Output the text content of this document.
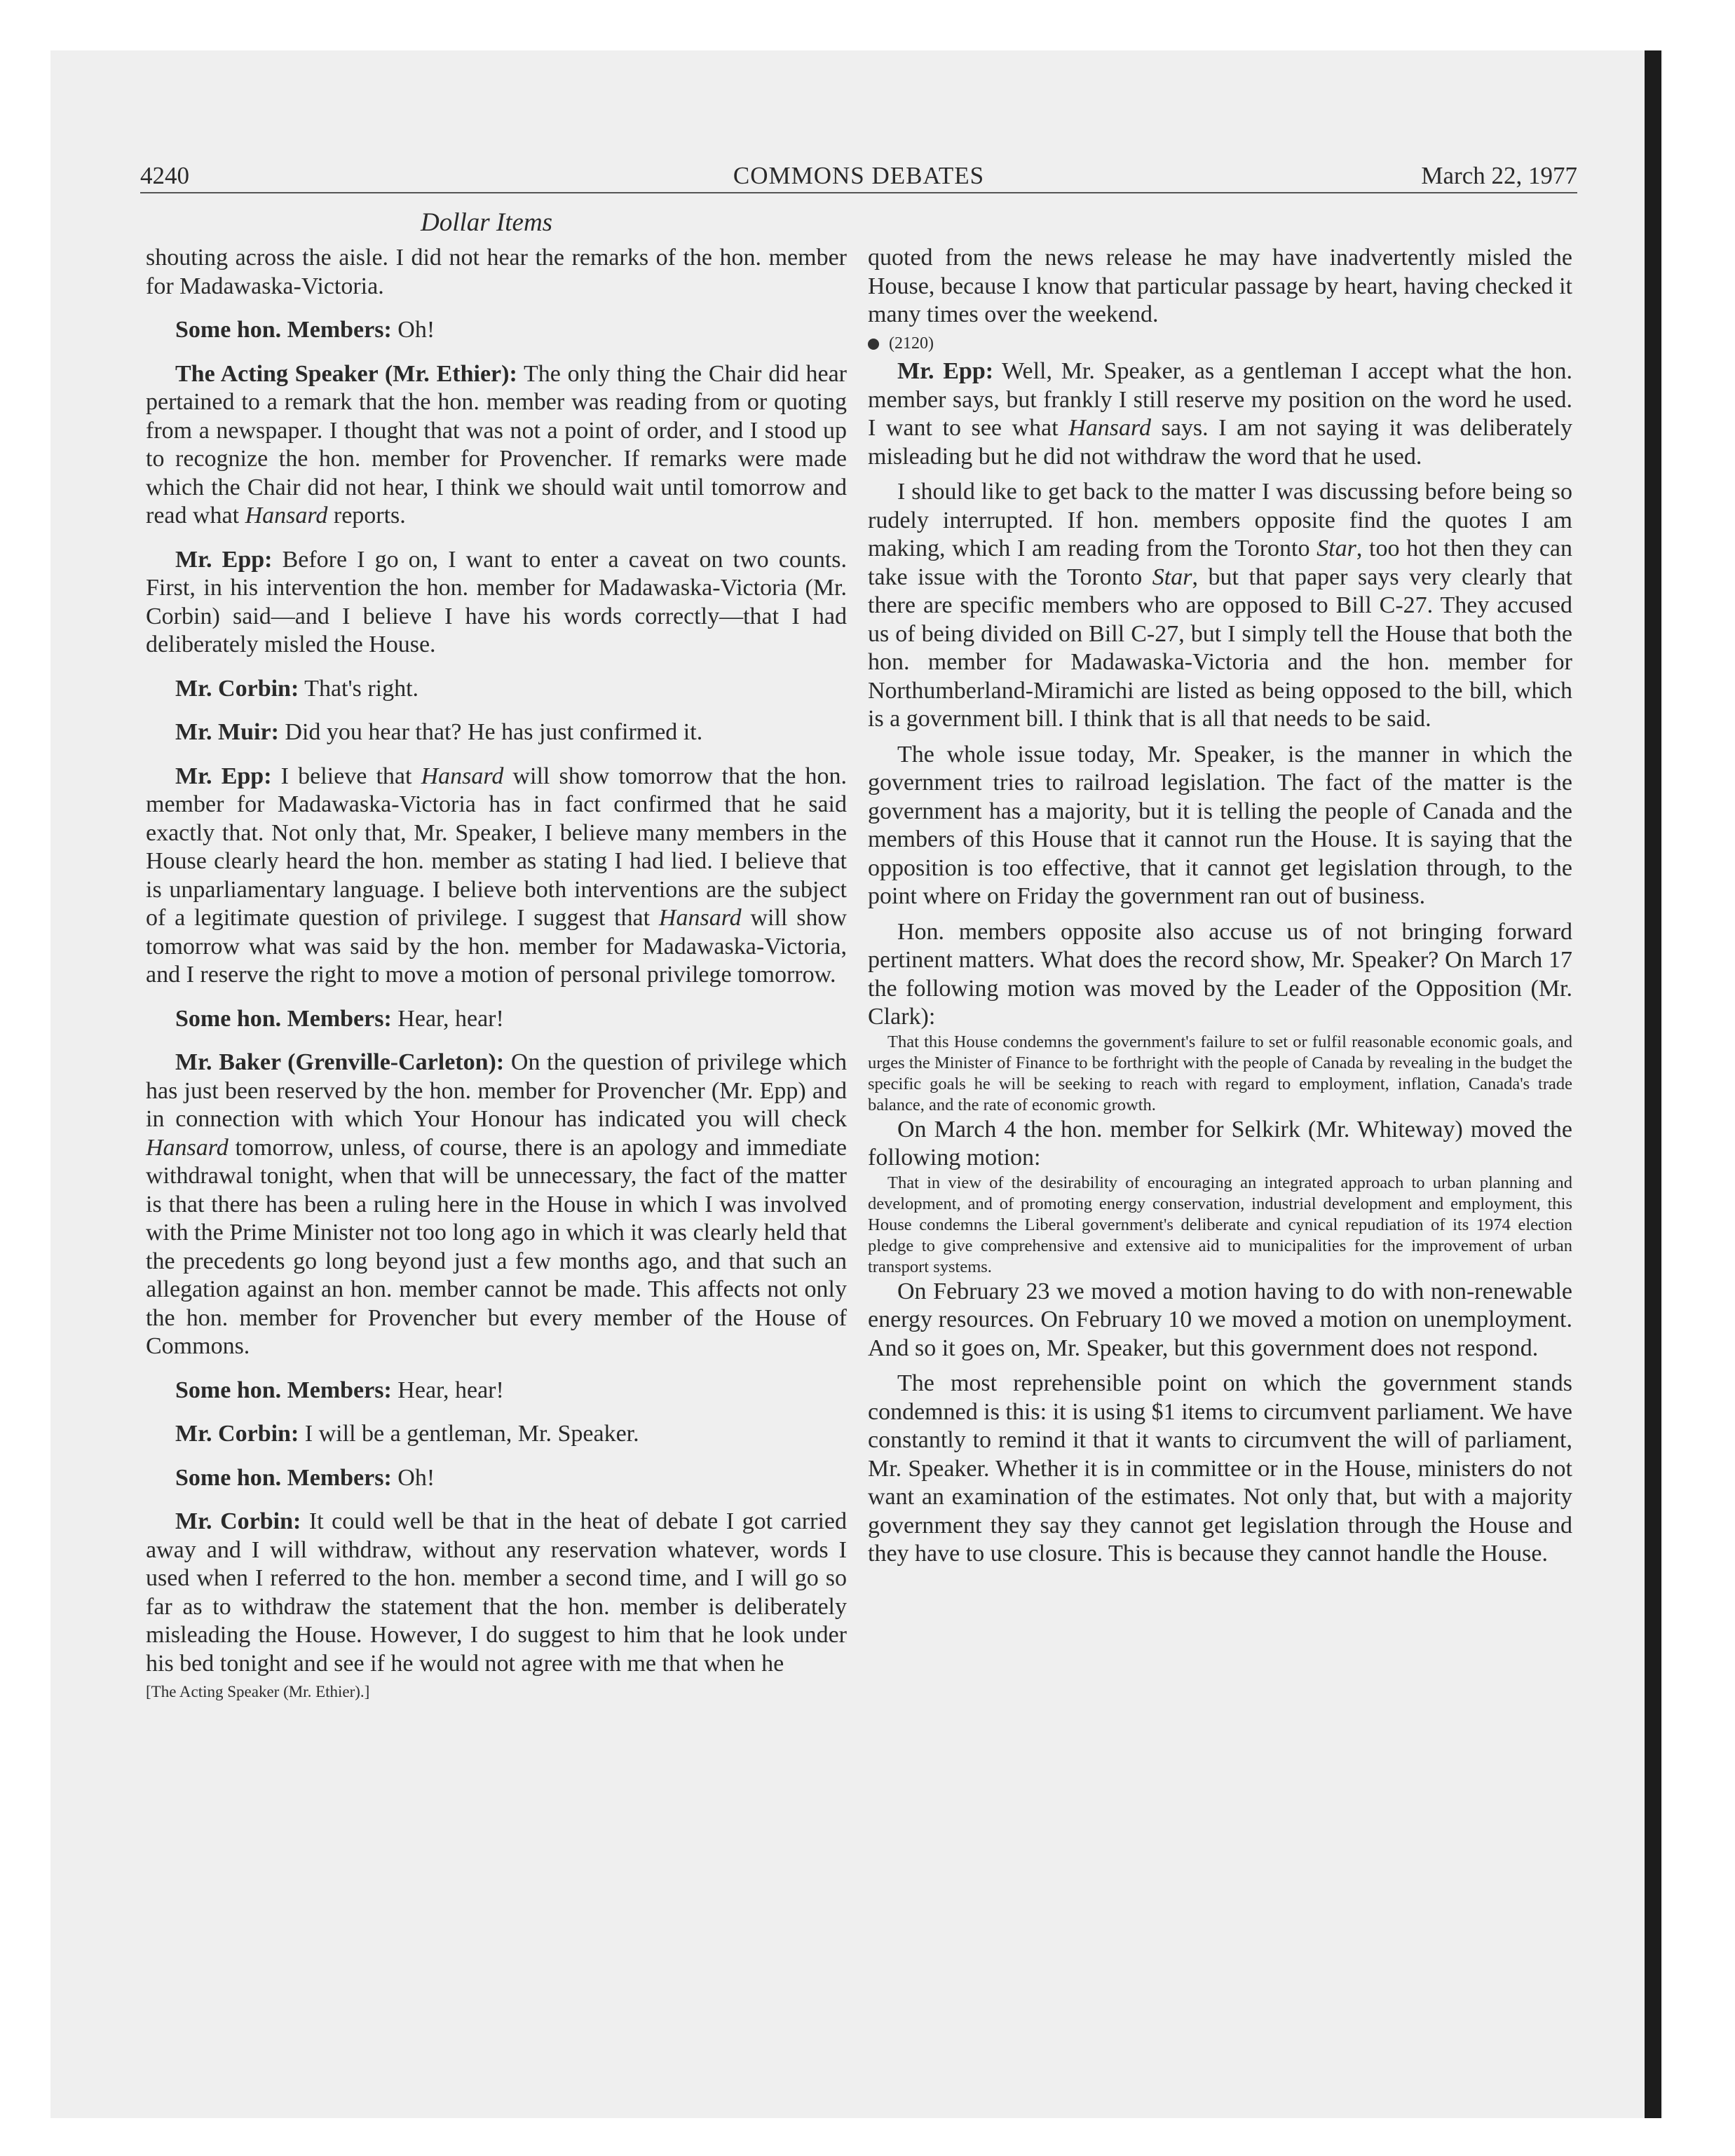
4240	COMMONS DEBATES	March 22, 1977
Dollar Items

shouting across the aisle. I did not hear the remarks of the hon. member for Madawaska-Victoria.

Some hon. Members: Oh!

The Acting Speaker (Mr. Ethier): The only thing the Chair did hear pertained to a remark that the hon. member was reading from or quoting from a newspaper. I thought that was not a point of order, and I stood up to recognize the hon. member for Provencher. If remarks were made which the Chair did not hear, I think we should wait until tomorrow and read what Hansard reports.

Mr. Epp: Before I go on, I want to enter a caveat on two counts. First, in his intervention the hon. member for Madawaska-Victoria (Mr. Corbin) said—and I believe I have his words correctly—that I had deliberately misled the House.

Mr. Corbin: That's right.

Mr. Muir: Did you hear that? He has just confirmed it.

Mr. Epp: I believe that Hansard will show tomorrow that the hon. member for Madawaska-Victoria has in fact confirmed that he said exactly that. Not only that, Mr. Speaker, I believe many members in the House clearly heard the hon. member as stating I had lied. I believe that is unparliamentary language. I believe both interventions are the subject of a legitimate question of privilege. I suggest that Hansard will show tomorrow what was said by the hon. member for Madawaska-Victoria, and I reserve the right to move a motion of personal privilege tomorrow.

Some hon. Members: Hear, hear!

Mr. Baker (Grenville-Carleton): On the question of privilege which has just been reserved by the hon. member for Provencher (Mr. Epp) and in connection with which Your Honour has indicated you will check Hansard tomorrow, unless, of course, there is an apology and immediate withdrawal tonight, when that will be unnecessary, the fact of the matter is that there has been a ruling here in the House in which I was involved with the Prime Minister not too long ago in which it was clearly held that the precedents go long beyond just a few months ago, and that such an allegation against an hon. member cannot be made. This affects not only the hon. member for Provencher but every member of the House of Commons.

Some hon. Members: Hear, hear!

Mr. Corbin: I will be a gentleman, Mr. Speaker.

Some hon. Members: Oh!

Mr. Corbin: It could well be that in the heat of debate I got carried away and I will withdraw, without any reservation whatever, words I used when I referred to the hon. member a second time, and I will go so far as to withdraw the statement that the hon. member is deliberately misleading the House. However, I do suggest to him that he look under his bed tonight and see if he would not agree with me that when he

[The Acting Speaker (Mr. Ethier).]

quoted from the news release he may have inadvertently misled the House, because I know that particular passage by heart, having checked it many times over the weekend.

(2120)

Mr. Epp: Well, Mr. Speaker, as a gentleman I accept what the hon. member says, but frankly I still reserve my position on the word he used. I want to see what Hansard says. I am not saying it was deliberately misleading but he did not withdraw the word that he used.

I should like to get back to the matter I was discussing before being so rudely interrupted. If hon. members opposite find the quotes I am making, which I am reading from the Toronto Star, too hot then they can take issue with the Toronto Star, but that paper says very clearly that there are specific members who are opposed to Bill C-27. They accused us of being divided on Bill C-27, but I simply tell the House that both the hon. member for Madawaska-Victoria and the hon. member for Northumberland-Miramichi are listed as being opposed to the bill, which is a government bill. I think that is all that needs to be said.

The whole issue today, Mr. Speaker, is the manner in which the government tries to railroad legislation. The fact of the matter is the government has a majority, but it is telling the people of Canada and the members of this House that it cannot run the House. It is saying that the opposition is too effective, that it cannot get legislation through, to the point where on Friday the government ran out of business.

Hon. members opposite also accuse us of not bringing forward pertinent matters. What does the record show, Mr. Speaker? On March 17 the following motion was moved by the Leader of the Opposition (Mr. Clark):

That this House condemns the government's failure to set or fulfil reasonable economic goals, and urges the Minister of Finance to be forthright with the people of Canada by revealing in the budget the specific goals he will be seeking to reach with regard to employment, inflation, Canada's trade balance, and the rate of economic growth.

On March 4 the hon. member for Selkirk (Mr. Whiteway) moved the following motion:

That in view of the desirability of encouraging an integrated approach to urban planning and development, and of promoting energy conservation, industrial development and employment, this House condemns the Liberal government's deliberate and cynical repudiation of its 1974 election pledge to give comprehensive and extensive aid to municipalities for the improvement of urban transport systems.

On February 23 we moved a motion having to do with non-renewable energy resources. On February 10 we moved a motion on unemployment. And so it goes on, Mr. Speaker, but this government does not respond.

The most reprehensible point on which the government stands condemned is this: it is using $1 items to circumvent parliament. We have constantly to remind it that it wants to circumvent the will of parliament, Mr. Speaker. Whether it is in committee or in the House, ministers do not want an examination of the estimates. Not only that, but with a majority government they say they cannot get legislation through the House and they have to use closure. This is because they cannot handle the House.
